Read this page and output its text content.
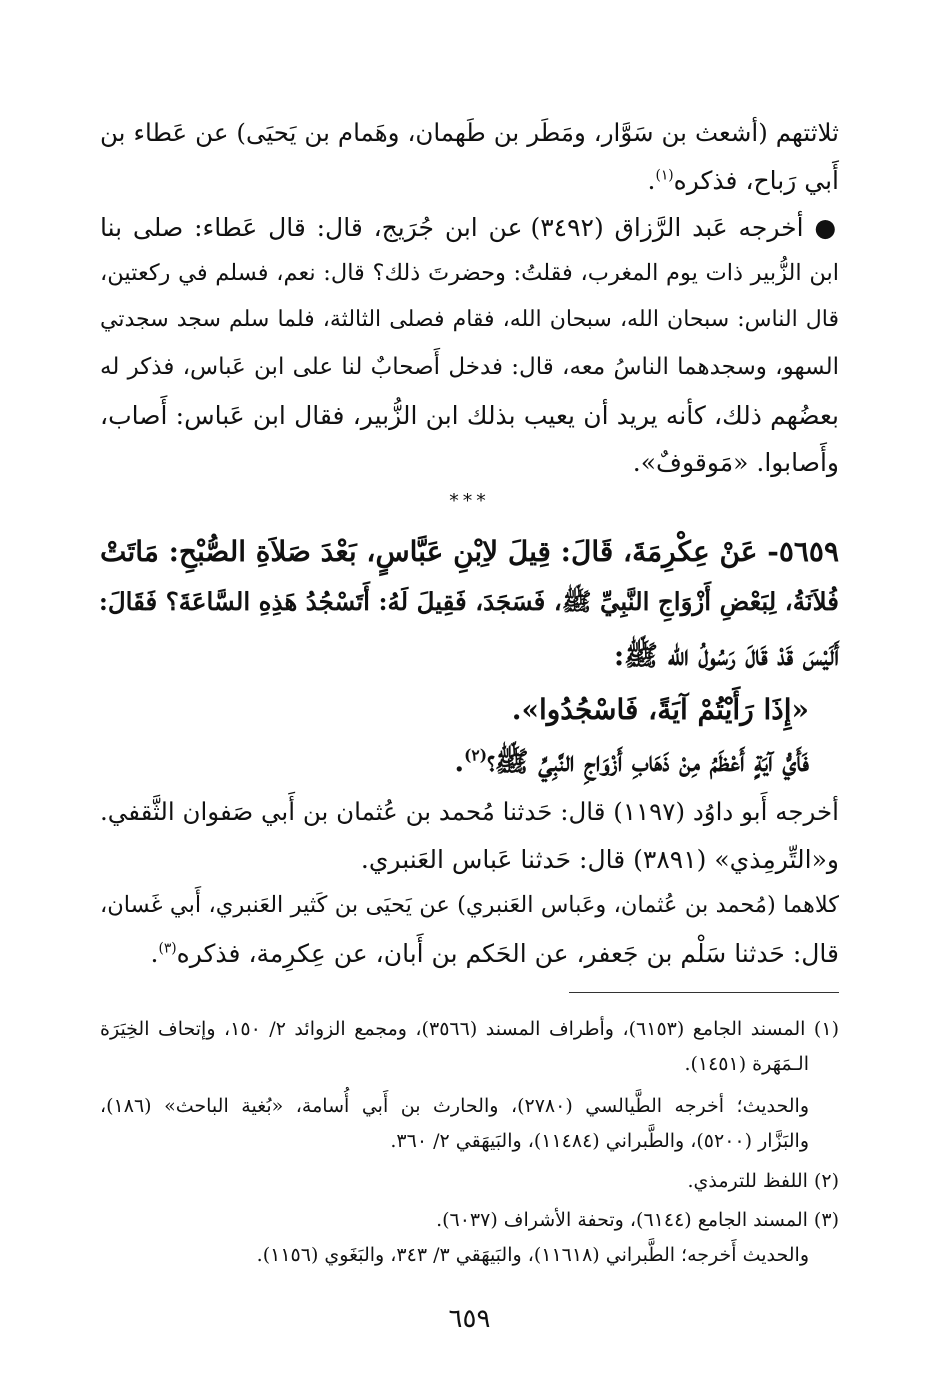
ثلاثتهم (أشعث بن سَوَّار، ومَطَر بن طَهمان، وهَمام بن يَحيَى) عن عَطاء بن
أَبي رَباح، فذكره$^{(١)}$.
● أخرجه عَبد الرَّزاق (٣٤٩٢) عن ابن جُرَيج، قال: قال عَطاء: صلى بنا
ابن الزُّبير ذات يوم المغرب، فقلتُ: وحضرتَ ذلك؟ قال: نعم، فسلم في ركعتين،
قال الناس: سبحان الله، سبحان الله، فقام فصلى الثالثة، فلما سلم سجد سجدتي
السهو، وسجدهما الناسُ معه، قال: فدخل أَصحابٌ لنا على ابن عَباس، فذكر له
بعضُهم ذلك، كأنه يريد أن يعيب بذلك ابن الزُّبير، فقال ابن عَباس: أَصاب،
وأَصابوا. «مَوقوفٌ».
***
٥٦٥٩- عَنْ عِكْرِمَةَ، قَالَ: قِيلَ لاِبْنِ عَبَّاسٍ، بَعْدَ صَلاَةِ الصُّبْحِ: مَاتَتْ
فُلاَنَةُ، لِبَعْضِ أَزْوَاجِ النَّبِيِّ ﷺ، فَسَجَدَ، فَقِيلَ لَهُ: أَتَسْجُدُ هَذِهِ السَّاعَةَ؟ فَقَالَ:
أَلَيْسَ قَدْ قَالَ رَسُولُ الله ﷺ:
«إِذَا رَأَيْتُمْ آيَةً، فَاسْجُدُوا».
فَأَيُّ آيَةٍ أَعْظَمُ مِنْ ذَهَابِ أَزْوَاجِ النَّبِيِّ ﷺ؟$^{(٢)}$.
أخرجه أَبو داوُد (١١٩٧) قال: حَدثنا مُحمد بن عُثمان بن أَبي صَفوان الثَّقفي.
و«التِّرمِذي» (٣٨٩١) قال: حَدثنا عَباس العَنبري.
كلاهما (مُحمد بن عُثمان، وعَباس العَنبري) عن يَحيَى بن كَثير العَنبري، أَبي غَسان،
قال: حَدثنا سَلْم بن جَعفر، عن الحَكم بن أَبان، عن عِكرِمة، فذكره$^{(٣)}$.
(١) المسند الجامع (٦١٥٣)، وأطراف المسند (٣٥٦٦)، ومجمع الزوائد ٢/ ١٥٠، وإتحاف الخِيَرَة
الـمَهَرة (١٤٥١).
والحديث؛ أخرجه الطَّيالسي (٢٧٨٠)، والحارث بن أَبي أُسامة، «بُغية الباحث» (١٨٦)،
والبَزَّار (٥٢٠٠)، والطَّبراني (١١٤٨٤)، والبَيهَقي ٢/ ٣٦٠.
(٢) اللفظ للترمذي.
(٣) المسند الجامع (٦١٤٤)، وتحفة الأشراف (٦٠٣٧).
والحديث أَخرجه؛ الطَّبراني (١١٦١٨)، والبَيهَقي ٣/ ٣٤٣، والبَغَوي (١١٥٦).
٦٥٩
